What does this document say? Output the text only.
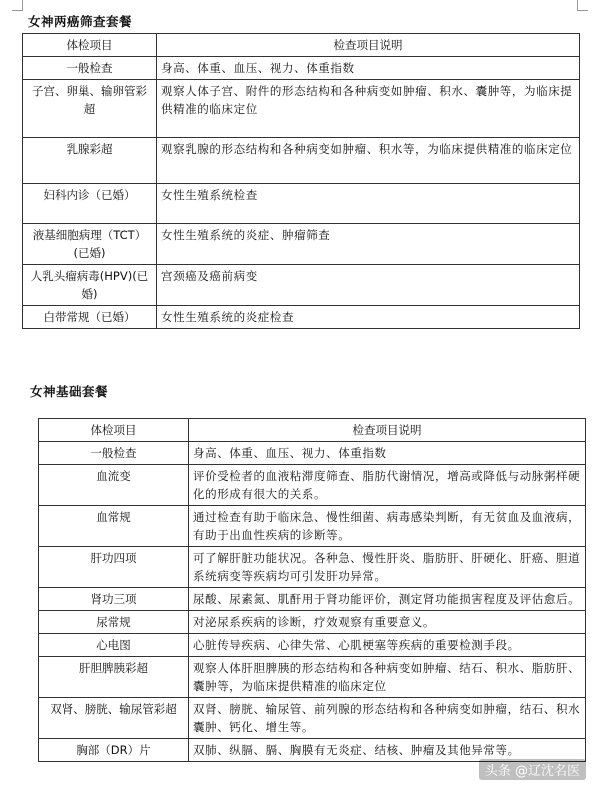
女神两癌筛查套餐
体检项目	检查项目说明
一般检查	身高、体重、血压、视力、体重指数
子宫、卵巢、输卵管彩超	观察人体子宫、附件的形态结构和各种病变如肿瘤、积水、囊肿等，为临床提供精准的临床定位
乳腺彩超	观察乳腺的形态结构和各种病变如肿瘤、积水等，为临床提供精准的临床定位
妇科内诊（已婚）	女性生殖系统检查
液基细胞病理（TCT）(已婚)	女性生殖系统的炎症、肿瘤筛查
人乳头瘤病毒(HPV)(已婚)	宫颈癌及癌前病变
白带常规（已婚）	女性生殖系统的炎症检查
女神基础套餐
体检项目	检查项目说明
一般检查	身高、体重、血压、视力、体重指数
血流变	评价受检者的血液粘滞度筛查、脂肪代谢情况，增高或降低与动脉粥样硬化的形成有很大的关系。
血常规	通过检查有助于临床急、慢性细菌、病毒感染判断，有无贫血及血液病，有助于出血性疾病的诊断等。
肝功四项	可了解肝脏功能状况。各种急、慢性肝炎、脂肪肝、肝硬化、肝癌、胆道系统病变等疾病均可引发肝功异常。
肾功三项	尿酸、尿素氮、肌酐用于肾功能评价，测定肾功能损害程度及评估愈后。
尿常规	对泌尿系疾病的诊断，疗效观察有重要意义。
心电图	心脏传导疾病、心律失常、心肌梗塞等疾病的重要检测手段。
肝胆脾胰彩超	观察人体肝胆脾胰的形态结构和各种病变如肿瘤、结石、积水、脂肪肝、囊肿等，为临床提供精准的临床定位
双肾、膀胱、输尿管彩超	双肾、膀胱、输尿管、前列腺的形态结构和各种病变如肿瘤，结石、积水囊肿、钙化、增生等。
胸部（DR）片	双肺、纵膈、膈、胸膜有无炎症、结核、肿瘤及其他异常等。
头条 @辽沈名医
